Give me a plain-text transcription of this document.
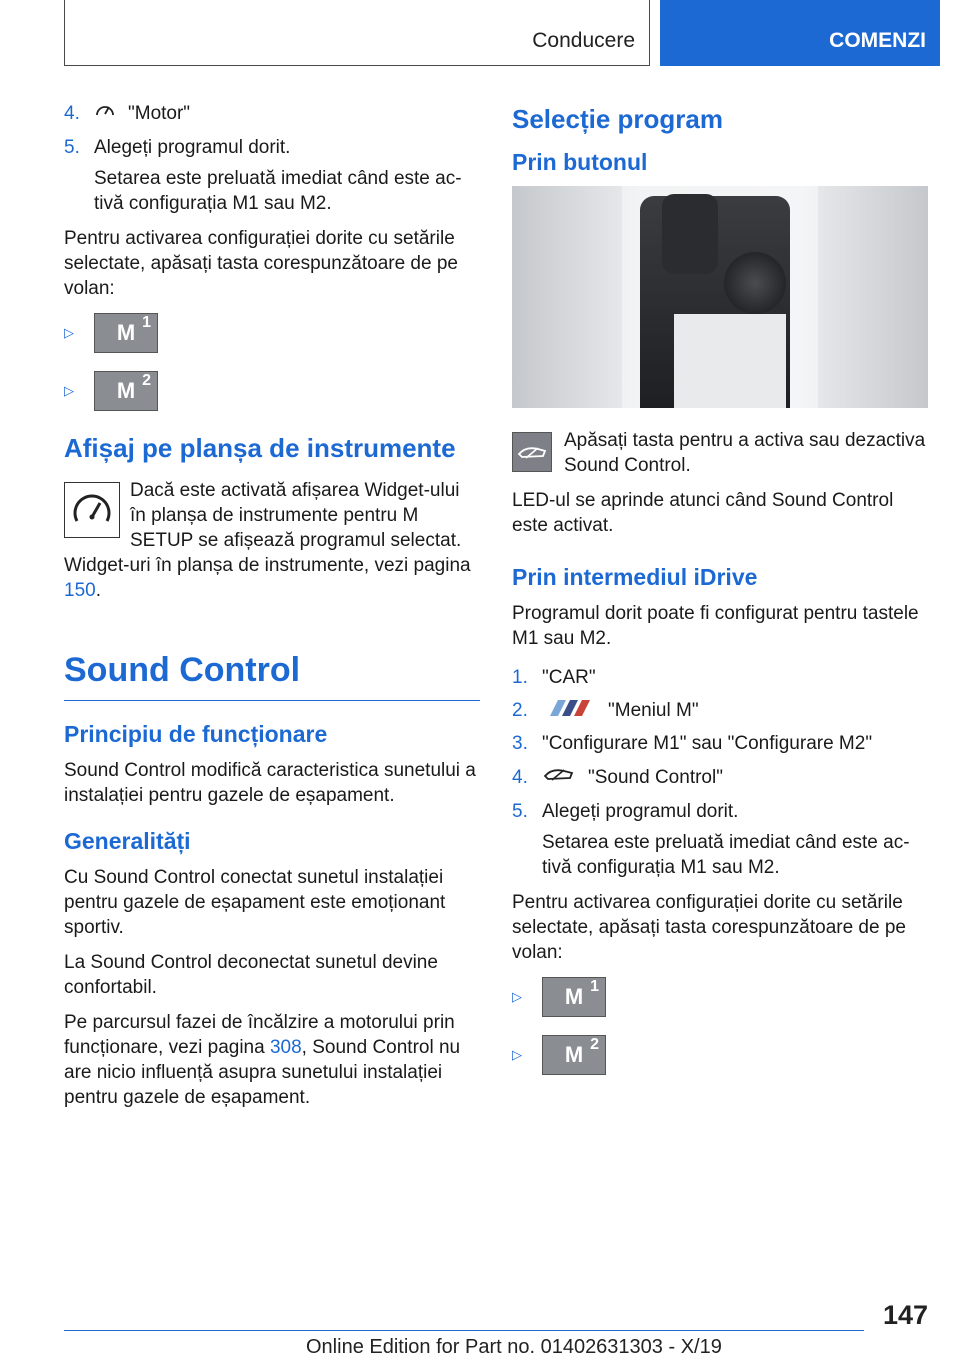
Conducere	COMENZI
4.	"Motor"
5. Alegeți programul dorit.
Setarea este preluată imediat când este activă configurația M1 sau M2.

Pentru activarea configurației dorite cu setările selectate, apăsați tasta corespunzătoare de pe volan:

▷	M 1
▷	M 2
Afișaj pe planșa de instrumente

Dacă este activată afișarea Widget-ului în planșa de instrumente pentru M SETUP se afișează programul selectat. Widget-uri în planșa de instrumente, vezi pagina 150.

Sound Control
Principiu de funcționare

Sound Control modifică caracteristica sunetului a instalației pentru gazele de eșapament.

Generalități

Cu Sound Control conectat sunetul instalației pentru gazele de eșapament este emoționant sportiv.

La Sound Control deconectat sunetul devine confortabil.

Pe parcursul fazei de încălzire a motorului prin funcționare, vezi pagina 308, Sound Control nu are nicio influență asupra sunetului instalației pentru gazele de eșapament.

Selecție program
Prin butonul

Apăsați tasta pentru a activa sau dezactiva Sound Control.

LED-ul se aprinde atunci când Sound Control este activat.

Prin intermediul iDrive

Programul dorit poate fi configurat pentru tastele M1 sau M2.

1. "CAR"
2.	"Meniul M"
3. "Configurare M1" sau "Configurare M2"
4.	"Sound Control"
5. Alegeți programul dorit.
Setarea este preluată imediat când este activă configurația M1 sau M2.

Pentru activarea configurației dorite cu setările selectate, apăsați tasta corespunzătoare de pe volan:

▷	M 1
▷	M 2
147
Online Edition for Part no. 01402631303 - X/19
